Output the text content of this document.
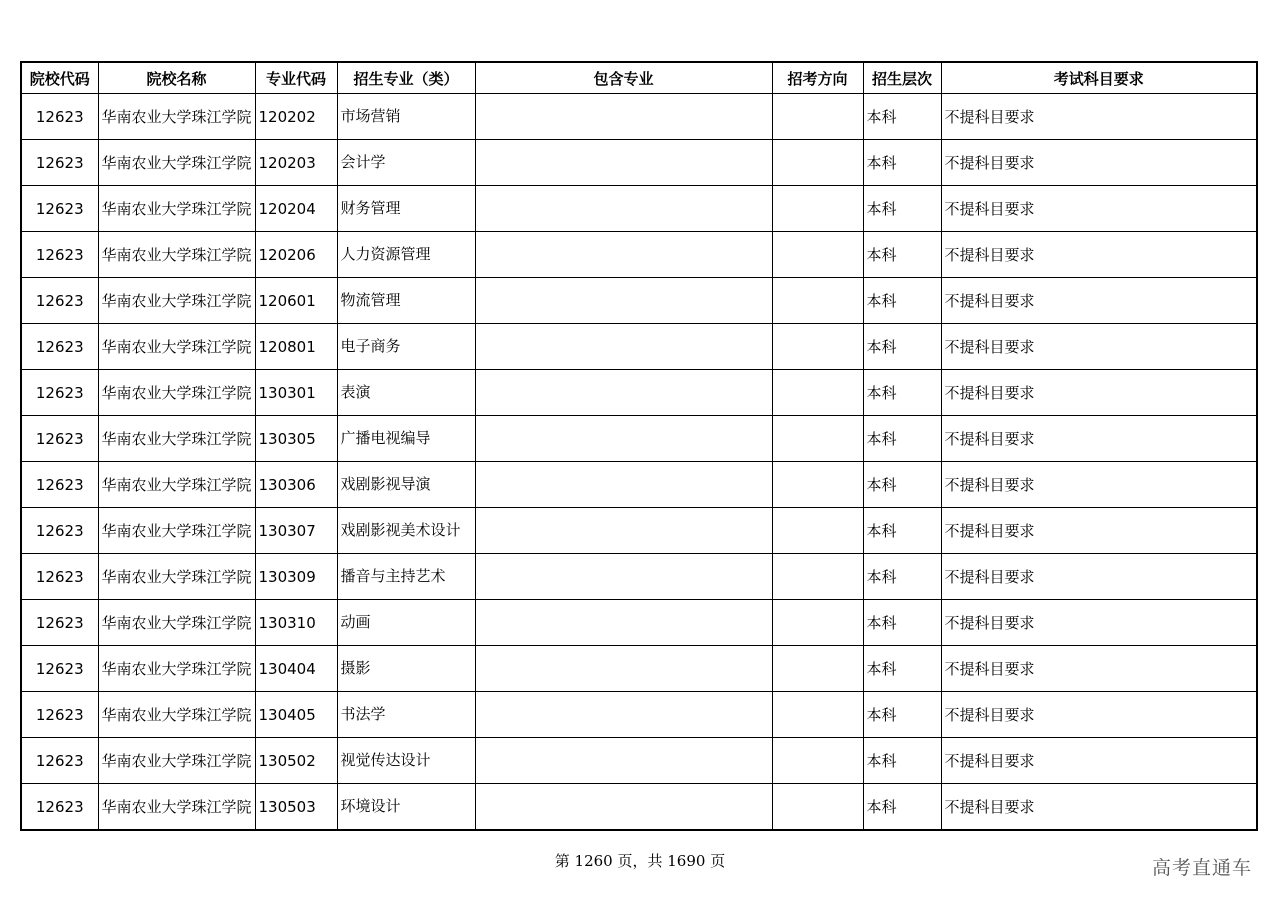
院校代码	院校名称	专业代码	招生专业（类）	包含专业	招考方向	招生层次	考试科目要求
12623	华南农业大学珠江学院	120202	市场营销			本科	不提科目要求
12623	华南农业大学珠江学院	120203	会计学			本科	不提科目要求
12623	华南农业大学珠江学院	120204	财务管理			本科	不提科目要求
12623	华南农业大学珠江学院	120206	人力资源管理			本科	不提科目要求
12623	华南农业大学珠江学院	120601	物流管理			本科	不提科目要求
12623	华南农业大学珠江学院	120801	电子商务			本科	不提科目要求
12623	华南农业大学珠江学院	130301	表演			本科	不提科目要求
12623	华南农业大学珠江学院	130305	广播电视编导			本科	不提科目要求
12623	华南农业大学珠江学院	130306	戏剧影视导演			本科	不提科目要求
12623	华南农业大学珠江学院	130307	戏剧影视美术设计			本科	不提科目要求
12623	华南农业大学珠江学院	130309	播音与主持艺术			本科	不提科目要求
12623	华南农业大学珠江学院	130310	动画			本科	不提科目要求
12623	华南农业大学珠江学院	130404	摄影			本科	不提科目要求
12623	华南农业大学珠江学院	130405	书法学			本科	不提科目要求
12623	华南农业大学珠江学院	130502	视觉传达设计			本科	不提科目要求
12623	华南农业大学珠江学院	130503	环境设计			本科	不提科目要求
第 1260 页，共 1690 页	高考直通车
